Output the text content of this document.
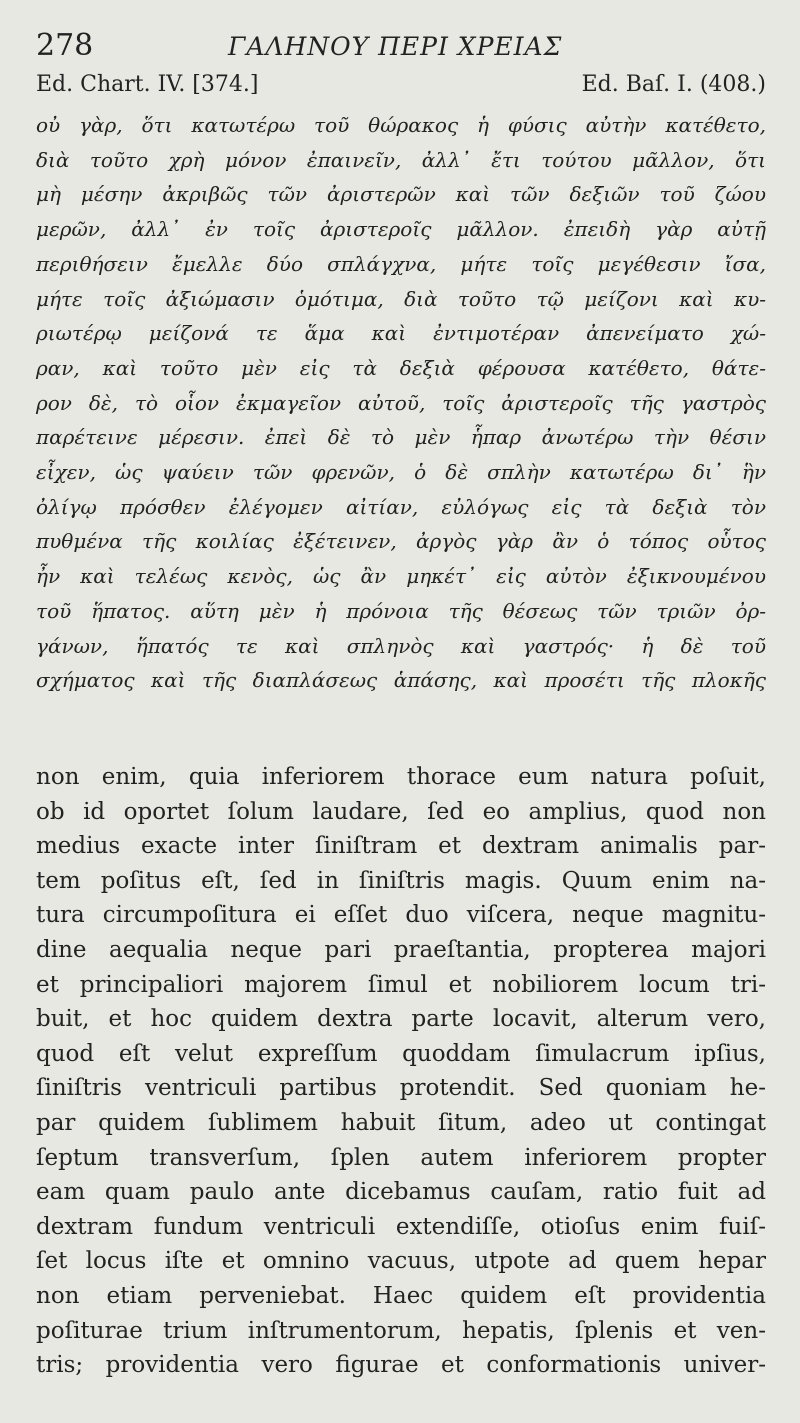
278	ΓΑΛΗΝΟΥ ΠΕΡΙ ΧΡΕΙΑΣ
Ed. Chart. IV. [374.]	Ed. Baſ. I. (408.)
οὐ γὰρ, ὅτι κατωτέρω τοῦ θώρακος ἡ φύσις αὐτὴν κατέθετο,
διὰ τοῦτο χρὴ μόνον ἐπαινεῖν, ἀλλ᾽ ἔτι τούτου μᾶλλον, ὅτι
μὴ μέσην ἀκριβῶς τῶν ἀριστερῶν καὶ τῶν δεξιῶν τοῦ ζώου
μερῶν, ἀλλ᾽ ἐν τοῖς ἀριστεροῖς μᾶλλον. ἐπειδὴ γὰρ αὐτῇ
περιθήσειν ἔμελλε δύο σπλάγχνα, μήτε τοῖς μεγέθεσιν ἴσα,
μήτε τοῖς ἀξιώμασιν ὁμότιμα, διὰ τοῦτο τῷ μείζονι καὶ κυ-
ριωτέρῳ μείζονά τε ἅμα καὶ ἐντιμοτέραν ἀπενείματο χώ-
ραν, καὶ τοῦτο μὲν εἰς τὰ δεξιὰ φέρουσα κατέθετο, θάτε-
ρον δὲ, τὸ οἷον ἐκμαγεῖον αὐτοῦ, τοῖς ἀριστεροῖς τῆς γαστρὸς
παρέτεινε μέρεσιν. ἐπεὶ δὲ τὸ μὲν ἧπαρ ἀνωτέρω τὴν θέσιν
εἶχεν, ὡς ψαύειν τῶν φρενῶν, ὁ δὲ σπλὴν κατωτέρω δι᾽ ἣν
ὀλίγῳ πρόσθεν ἐλέγομεν αἰτίαν, εὐλόγως εἰς τὰ δεξιὰ τὸν
πυθμένα τῆς κοιλίας ἐξέτεινεν, ἀργὸς γὰρ ἂν ὁ τόπος οὗτος
ἦν καὶ τελέως κενὸς, ὡς ἂν μηκέτ᾽ εἰς αὐτὸν ἐξικνουμένου
τοῦ ἥπατος. αὕτη μὲν ἡ πρόνοια τῆς θέσεως τῶν τριῶν ὀρ-
γάνων, ἥπατός τε καὶ σπληνὸς καὶ γαστρός· ἡ δὲ τοῦ
σχήματος καὶ τῆς διαπλάσεως ἁπάσης, καὶ προσέτι τῆς πλοκῆς
non enim, quia inferiorem thorace eum natura poſuit,
ob id oportet ſolum laudare, ſed eo amplius, quod non
medius exacte inter ſiniſtram et dextram animalis par-
tem poſitus eſt, ſed in ſiniſtris magis. Quum enim na-
tura circumpoſitura ei eſſet duo viſcera, neque magnitu-
dine aequalia neque pari praeſtantia, propterea majori
et principaliori majorem ſimul et nobiliorem locum tri-
buit, et hoc quidem dextra parte locavit, alterum vero,
quod eſt velut expreſſum quoddam ſimulacrum ipſius,
ſiniſtris ventriculi partibus protendit. Sed quoniam he-
par quidem ſublimem habuit ſitum, adeo ut contingat
ſeptum transverſum, ſplen autem inferiorem propter
eam quam paulo ante dicebamus cauſam, ratio fuit ad
dextram fundum ventriculi extendiſſe, otioſus enim fuiſ-
ſet locus iſte et omnino vacuus, utpote ad quem hepar
non etiam perveniebat. Haec quidem eſt providentia
poſiturae trium inſtrumentorum, hepatis, ſplenis et ven-
tris; providentia vero figurae et conformationis univer-
